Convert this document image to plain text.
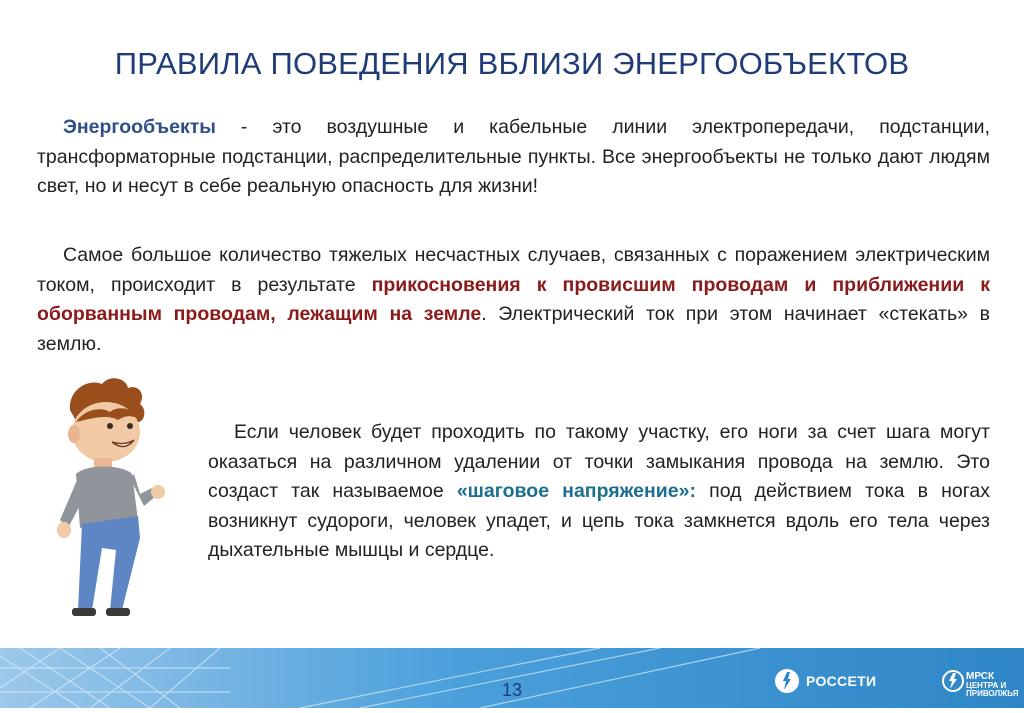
ПРАВИЛА ПОВЕДЕНИЯ ВБЛИЗИ ЭНЕРГООБЪЕКТОВ

Энергообъекты - это воздушные и кабельные линии электропередачи, подстанции, трансформаторные подстанции, распределительные пункты. Все энергообъекты не только дают людям свет, но и несут в себе реальную опасность для жизни!

Самое большое количество тяжелых несчастных случаев, связанных с поражением электрическим током, происходит в результате прикосновения к провисшим проводам и приближении к оборванным проводам, лежащим на земле. Электрический ток при этом начинает «стекать» в землю.

Если человек будет проходить по такому участку, его ноги за счет шага могут оказаться на различном удалении от точки замыкания провода на землю. Это создаст так называемое «шаговое напряжение»: под действием тока в ногах возникнут судороги, человек упадет, и цепь тока замкнется вдоль его тела через дыхательные мышцы и сердце.

13	РОССЕТИ	МРСК
ЦЕНТРА И
ПРИВОЛЖЬЯ
